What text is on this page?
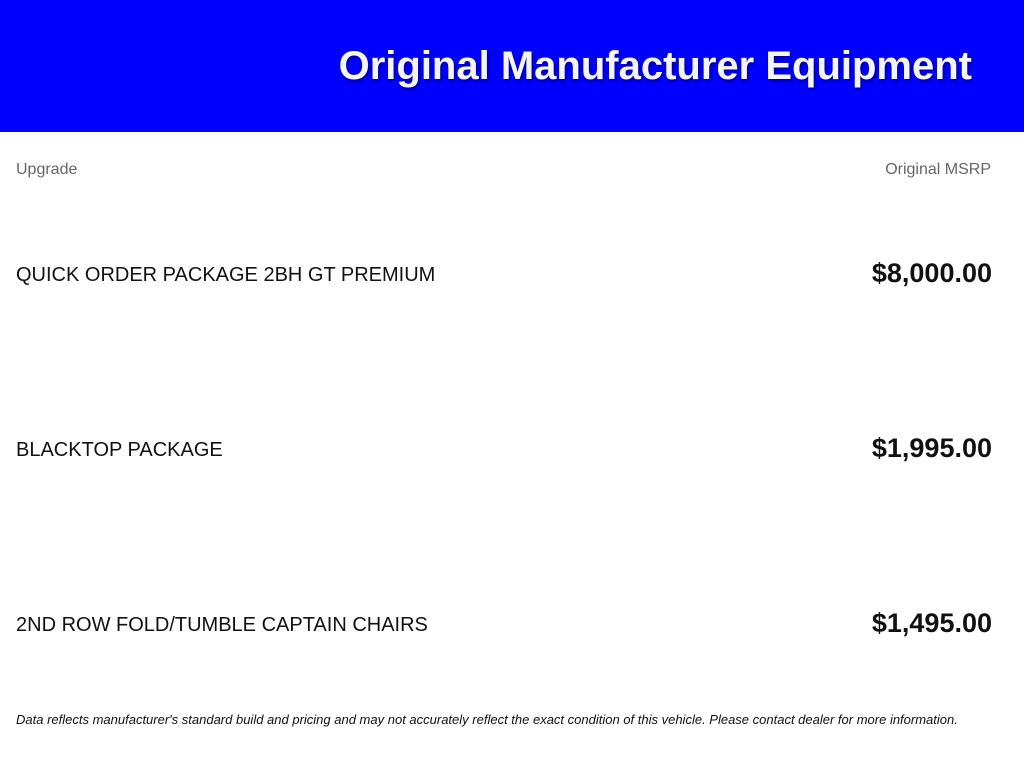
Original Manufacturer Equipment
Upgrade	Original MSRP
QUICK ORDER PACKAGE 2BH GT PREMIUM	$8,000.00
BLACKTOP PACKAGE	$1,995.00
2ND ROW FOLD/TUMBLE CAPTAIN CHAIRS	$1,495.00
Data reflects manufacturer's standard build and pricing and may not accurately reflect the exact condition of this vehicle. Please contact dealer for more information.
